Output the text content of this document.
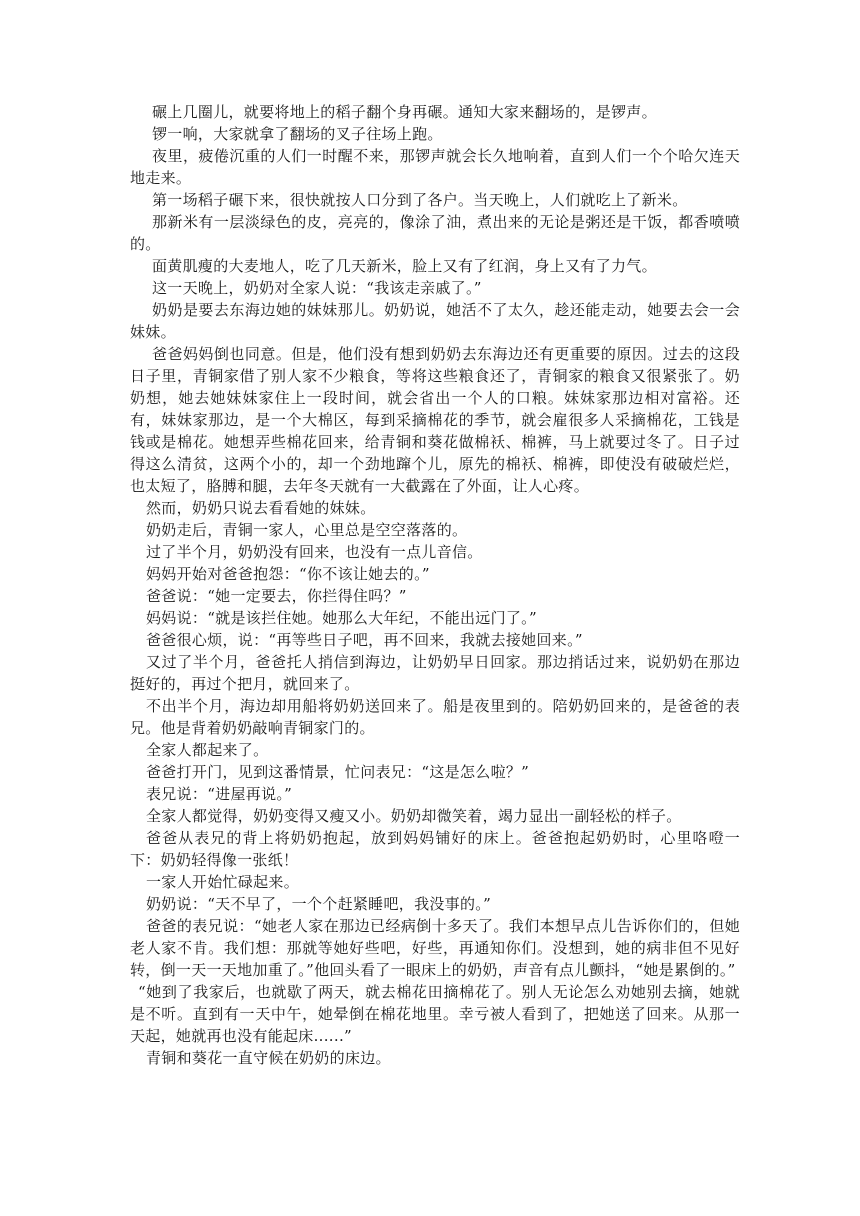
碾上几圈儿，就要将地上的稻子翻个身再碾。通知大家来翻场的，是锣声。

锣一响，大家就拿了翻场的叉子往场上跑。

夜里，疲倦沉重的人们一时醒不来，那锣声就会长久地响着，直到人们一个个哈欠连天地走来。

第一场稻子碾下来，很快就按人口分到了各户。当天晚上，人们就吃上了新米。

那新米有一层淡绿色的皮，亮亮的，像涂了油，煮出来的无论是粥还是干饭，都香喷喷的。

面黄肌瘦的大麦地人，吃了几天新米，脸上又有了红润，身上又有了力气。

这一天晚上，奶奶对全家人说：“我该走亲戚了。”

奶奶是要去东海边她的妹妹那儿。奶奶说，她活不了太久，趁还能走动，她要去会一会妹妹。

爸爸妈妈倒也同意。但是，他们没有想到奶奶去东海边还有更重要的原因。过去的这段日子里，青铜家借了别人家不少粮食，等将这些粮食还了，青铜家的粮食又很紧张了。奶奶想，她去她妹妹家住上一段时间，就会省出一个人的口粮。妹妹家那边相对富裕。还有，妹妹家那边，是一个大棉区，每到采摘棉花的季节，就会雇很多人采摘棉花，工钱是钱或是棉花。她想弄些棉花回来，给青铜和葵花做棉袄、棉裤，马上就要过冬了。日子过得这么清贫，这两个小的，却一个劲地蹿个儿，原先的棉袄、棉裤，即使没有破破烂烂，也太短了，胳膊和腿，去年冬天就有一大截露在了外面，让人心疼。

然而，奶奶只说去看看她的妹妹。

奶奶走后，青铜一家人，心里总是空空落落的。

过了半个月，奶奶没有回来，也没有一点儿音信。

妈妈开始对爸爸抱怨：“你不该让她去的。”

爸爸说：“她一定要去，你拦得住吗？”

妈妈说：“就是该拦住她。她那么大年纪，不能出远门了。”

爸爸很心烦，说：“再等些日子吧，再不回来，我就去接她回来。”

又过了半个月，爸爸托人捎信到海边，让奶奶早日回家。那边捎话过来，说奶奶在那边 挺好的，再过个把月，就回来了。

不出半个月，海边却用船将奶奶送回来了。船是夜里到的。陪奶奶回来的，是爸爸的表兄。他是背着奶奶敲响青铜家门的。

全家人都起来了。

爸爸打开门，见到这番情景，忙问表兄：“这是怎么啦？”

表兄说：“进屋再说。”

全家人都觉得，奶奶变得又瘦又小。奶奶却微笑着，竭力显出一副轻松的样子。

爸爸从表兄的背上将奶奶抱起，放到妈妈铺好的床上。爸爸抱起奶奶时，心里咯噔一下：奶奶轻得像一张纸！

一家人开始忙碌起来。

奶奶说：“天不早了，一个个赶紧睡吧，我没事的。”

爸爸的表兄说：“她老人家在那边已经病倒十多天了。我们本想早点儿告诉你们的，但她老人家不肯。我们想：那就等她好些吧，好些，再通知你们。没想到，她的病非但不见好转，倒一天一天地加重了。”他回头看了一眼床上的奶奶，声音有点儿颤抖，“她是累倒的。”

“她到了我家后，也就歇了两天，就去棉花田摘棉花了。别人无论怎么劝她别去摘，她就是不听。直到有一天中午，她晕倒在棉花地里。幸亏被人看到了，把她送了回来。从那一天起，她就再也没有能起床......”

青铜和葵花一直守候在奶奶的床边。
